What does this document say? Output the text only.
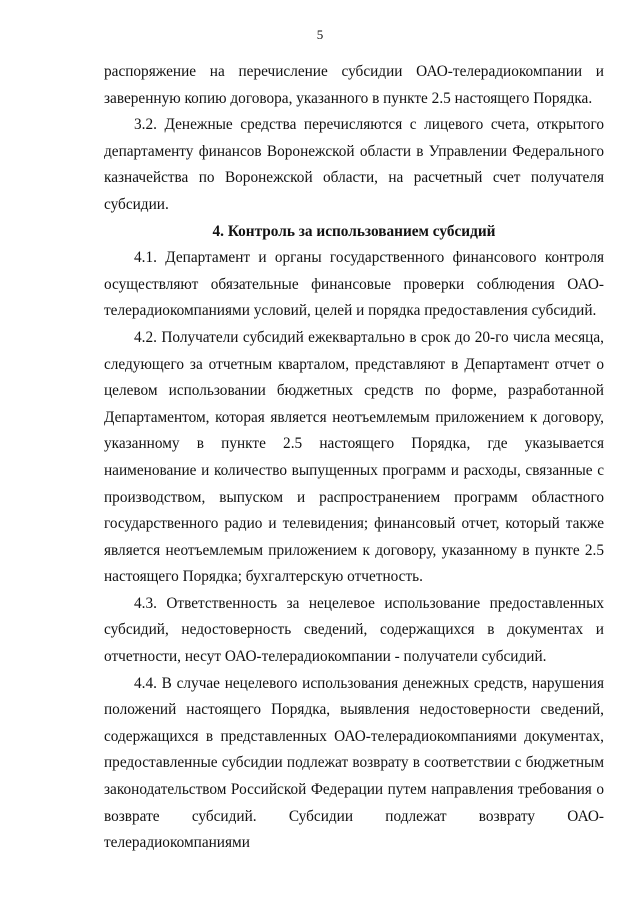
5

распоряжение на перечисление субсидии ОАО-телерадиокомпании и заверенную копию договора, указанного в пункте 2.5 настоящего Порядка.

3.2. Денежные средства перечисляются с лицевого счета, открытого департаменту финансов Воронежской области в Управлении Федерального казначейства по Воронежской области, на расчетный счет получателя субсидии.

4. Контроль за использованием субсидий

4.1. Департамент и органы государственного финансового контроля осуществляют обязательные финансовые проверки соблюдения ОАО-телерадиокомпаниями условий, целей и порядка предоставления субсидий.

4.2. Получатели субсидий ежеквартально в срок до 20-го числа месяца, следующего за отчетным кварталом, представляют в Департамент отчет о целевом использовании бюджетных средств по форме, разработанной Департаментом, которая является неотъемлемым приложением к договору, указанному в пункте 2.5 настоящего Порядка, где указывается наименование и количество выпущенных программ и расходы, связанные с производством, выпуском и распространением программ областного государственного радио и телевидения; финансовый отчет, который также является неотъемлемым приложением к договору, указанному в пункте 2.5 настоящего Порядка; бухгалтерскую отчетность.

4.3. Ответственность за нецелевое использование предоставленных субсидий, недостоверность сведений, содержащихся в документах и отчетности, несут ОАО-телерадиокомпании - получатели субсидий.

4.4. В случае нецелевого использования денежных средств, нарушения положений настоящего Порядка, выявления недостоверности сведений, содержащихся в представленных ОАО-телерадиокомпаниями документах, предоставленные субсидии подлежат возврату в соответствии с бюджетным законодательством Российской Федерации путем направления требования о возврате субсидий. Субсидии подлежат возврату ОАО-телерадиокомпаниями
